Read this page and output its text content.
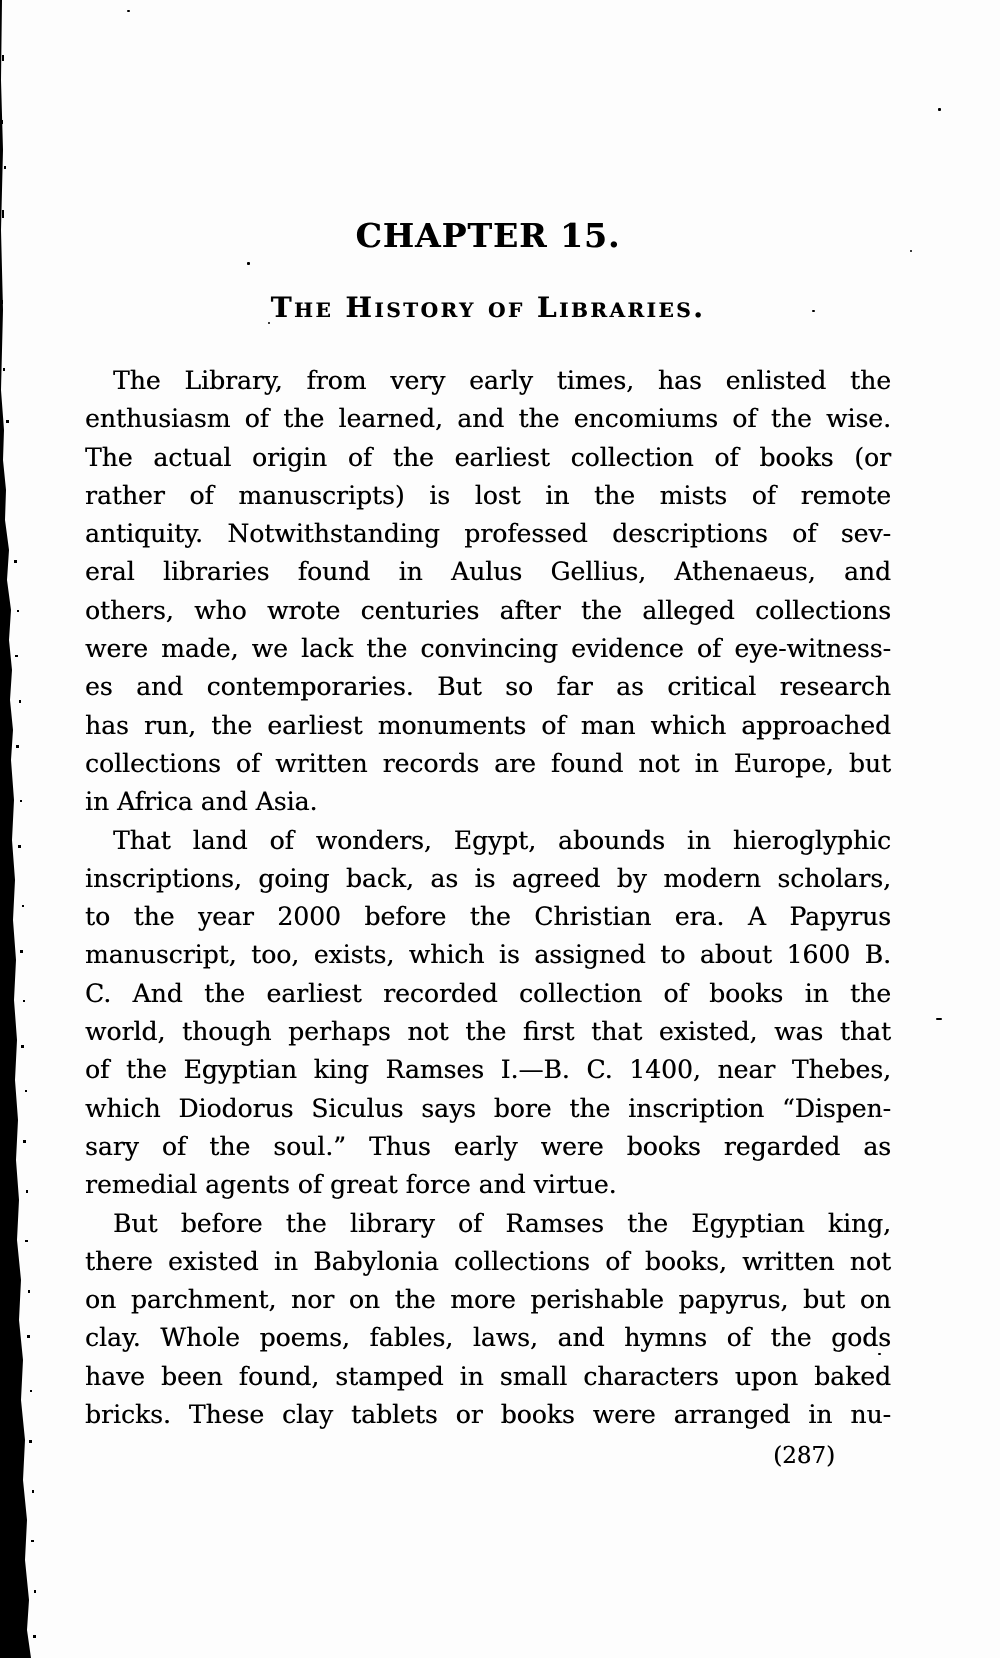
CHAPTER 15.
The History of Libraries.
The Library, from very early times, has enlisted the
enthusiasm of the learned, and the encomiums of the wise.
The actual origin of the earliest collection of books (or
rather of manuscripts) is lost in the mists of remote
antiquity. Notwithstanding professed descriptions of sev-
eral libraries found in Aulus Gellius, Athenaeus, and
others, who wrote centuries after the alleged collections
were made, we lack the convincing evidence of eye-witness-
es and contemporaries. But so far as critical research
has run, the earliest monuments of man which approached
collections of written records are found not in Europe, but
in Africa and Asia.
That land of wonders, Egypt, abounds in hieroglyphic
inscriptions, going back, as is agreed by modern scholars,
to the year 2000 before the Christian era. A Papyrus
manuscript, too, exists, which is assigned to about 1600 B.
C. And the earliest recorded collection of books in the
world, though perhaps not the first that existed, was that
of the Egyptian king Ramses I.—B. C. 1400, near Thebes,
which Diodorus Siculus says bore the inscription “Dispen-
sary of the soul.” Thus early were books regarded as
remedial agents of great force and virtue.
But before the library of Ramses the Egyptian king,
there existed in Babylonia collections of books, written not
on parchment, nor on the more perishable papyrus, but on
clay. Whole poems, fables, laws, and hymns of the gods
have been found, stamped in small characters upon baked
bricks. These clay tablets or books were arranged in nu-
(287)
